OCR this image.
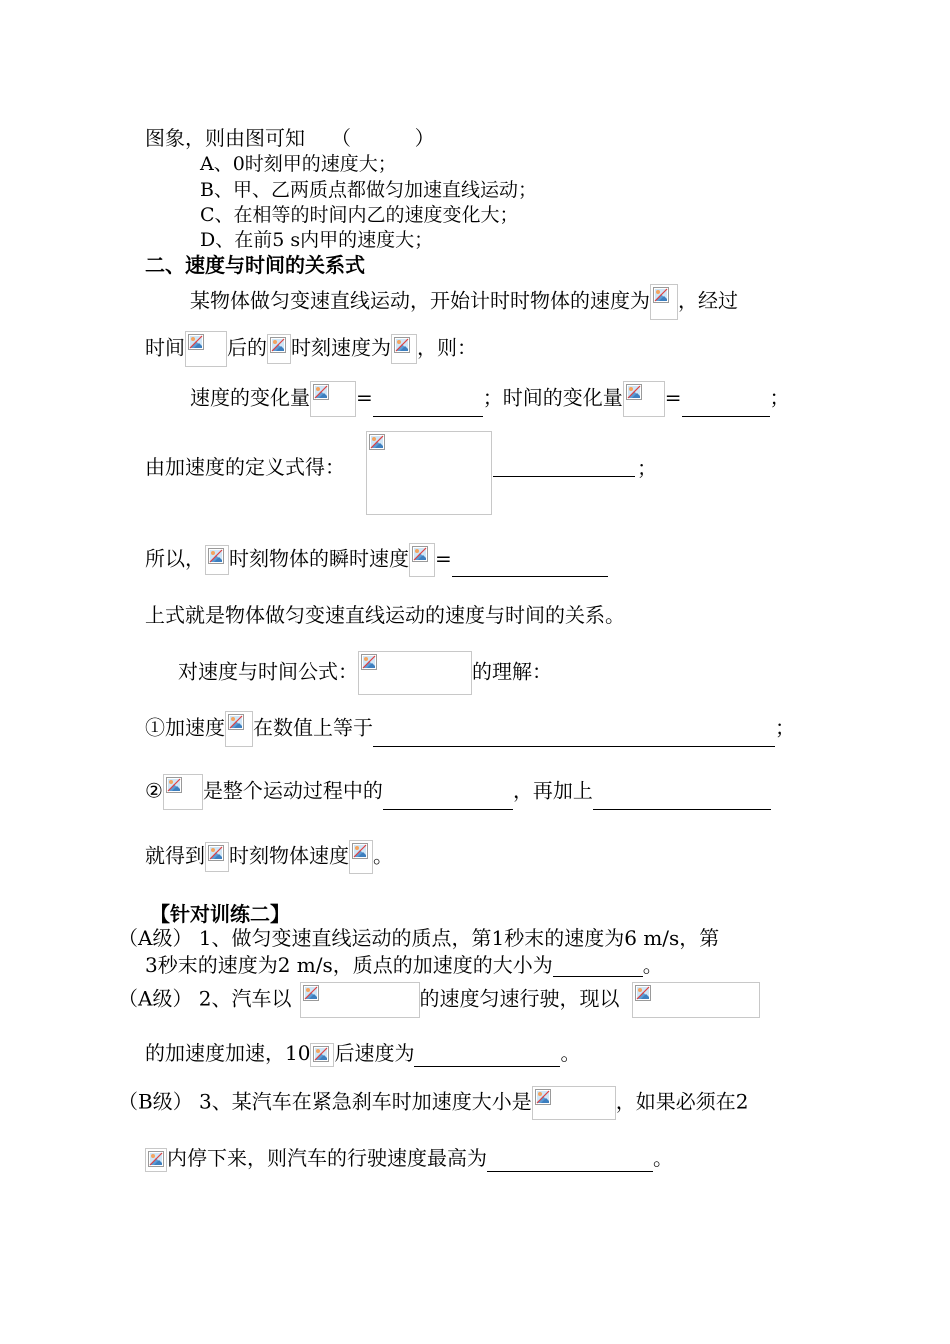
图象，则由图可知 （          ）
A、0时刻甲的速度大；
B、甲、乙两质点都做匀加速直线运动；
C、在相等的时间内乙的速度变化大；
D、在前5 s内甲的速度大；
二、速度与时间的关系式
某物体做匀变速直线运动，开始计时时物体的速度为 ，经过
时间 后的 时刻速度为 ，则：
速度的变化量 =	；时间的变化量 =	；
由加速度的定义式得：	；
所以， 时刻物体的瞬时速度 =
上式就是物体做匀变速直线运动的速度与时间的关系。
对速度与时间公式：	的理解：
①加速度 在数值上等于	；
② 是整个运动过程中的	，再加上
就得到 时刻物体速度 。
【针对训练二】
（A级） 1、做匀变速直线运动的质点，第1秒末的速度为6 m/s，第
3秒末的速度为2 m/s，质点的加速度的大小为	。
（A级） 2、汽车以	的速度匀速行驶，现以
的加速度加速，10 后速度为	。
（B级） 3、某汽车在紧急刹车时加速度大小是	，如果必须在2
内停下来，则汽车的行驶速度最高为	。
